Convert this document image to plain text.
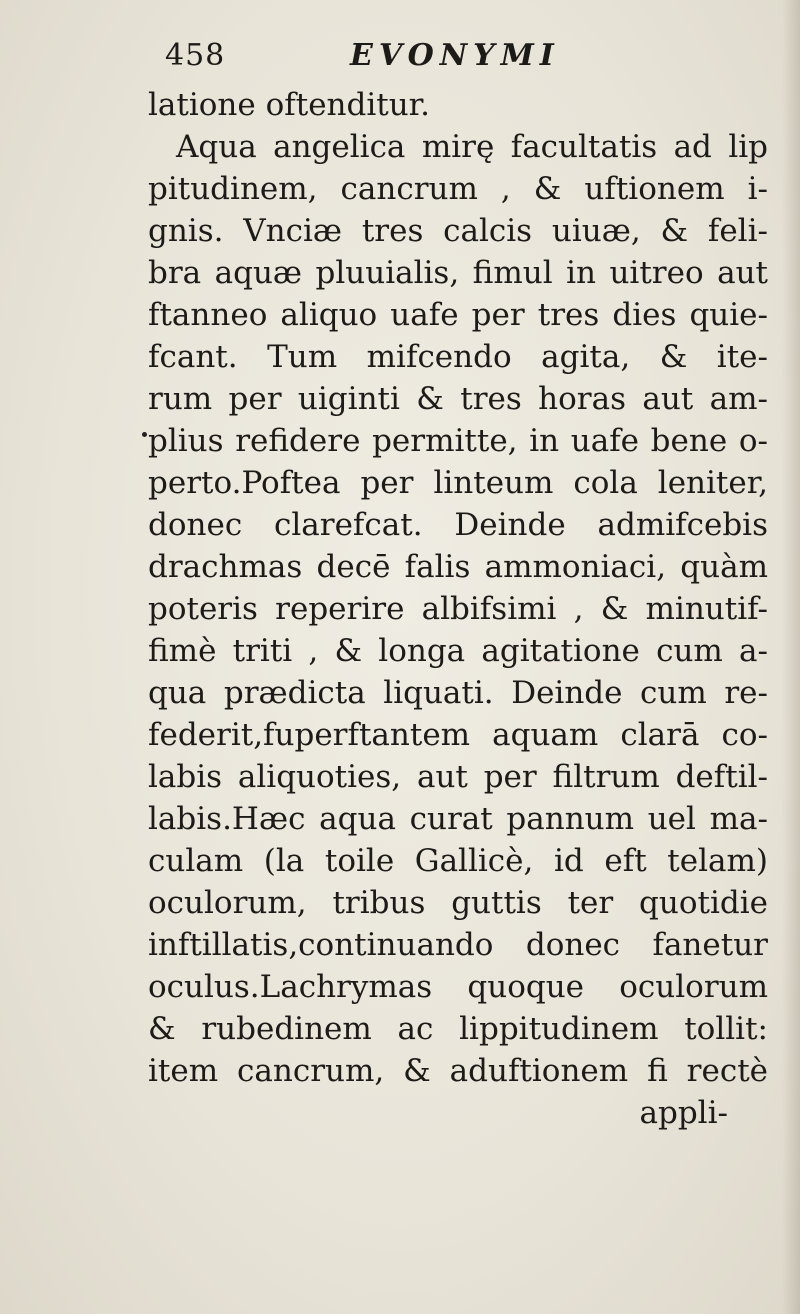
458	EVONYMI
latione oftenditur.
Aqua angelica mirę facultatis ad lip
pitudinem, cancrum , & uftionem i-
gnis. Vnciæ tres calcis uiuæ, & feli-
bra aquæ pluuialis, fimul in uitreo aut
ftanneo aliquo uafe per tres dies quie-
fcant. Tum mifcendo agita, & ite-
rum per uiginti & tres horas aut am-
plius refidere permitte, in uafe bene o-
perto.Poftea per linteum cola leniter,
donec clarefcat. Deinde admifcebis
drachmas decē falis ammoniaci, quàm
poteris reperire albifsimi , & minutif-
fimè triti , & longa agitatione cum a-
qua prædicta liquati. Deinde cum re-
federit,fuperftantem aquam clarā co-
labis aliquoties, aut per filtrum deftil-
labis.Hæc aqua curat pannum uel ma-
culam (la toile Gallicè, id eft telam)
oculorum, tribus guttis ter quotidie
inftillatis,continuando donec fanetur
oculus.Lachrymas quoque oculorum
& rubedinem ac lippitudinem tollit:
item cancrum, & aduftionem fi rectè
appli-
